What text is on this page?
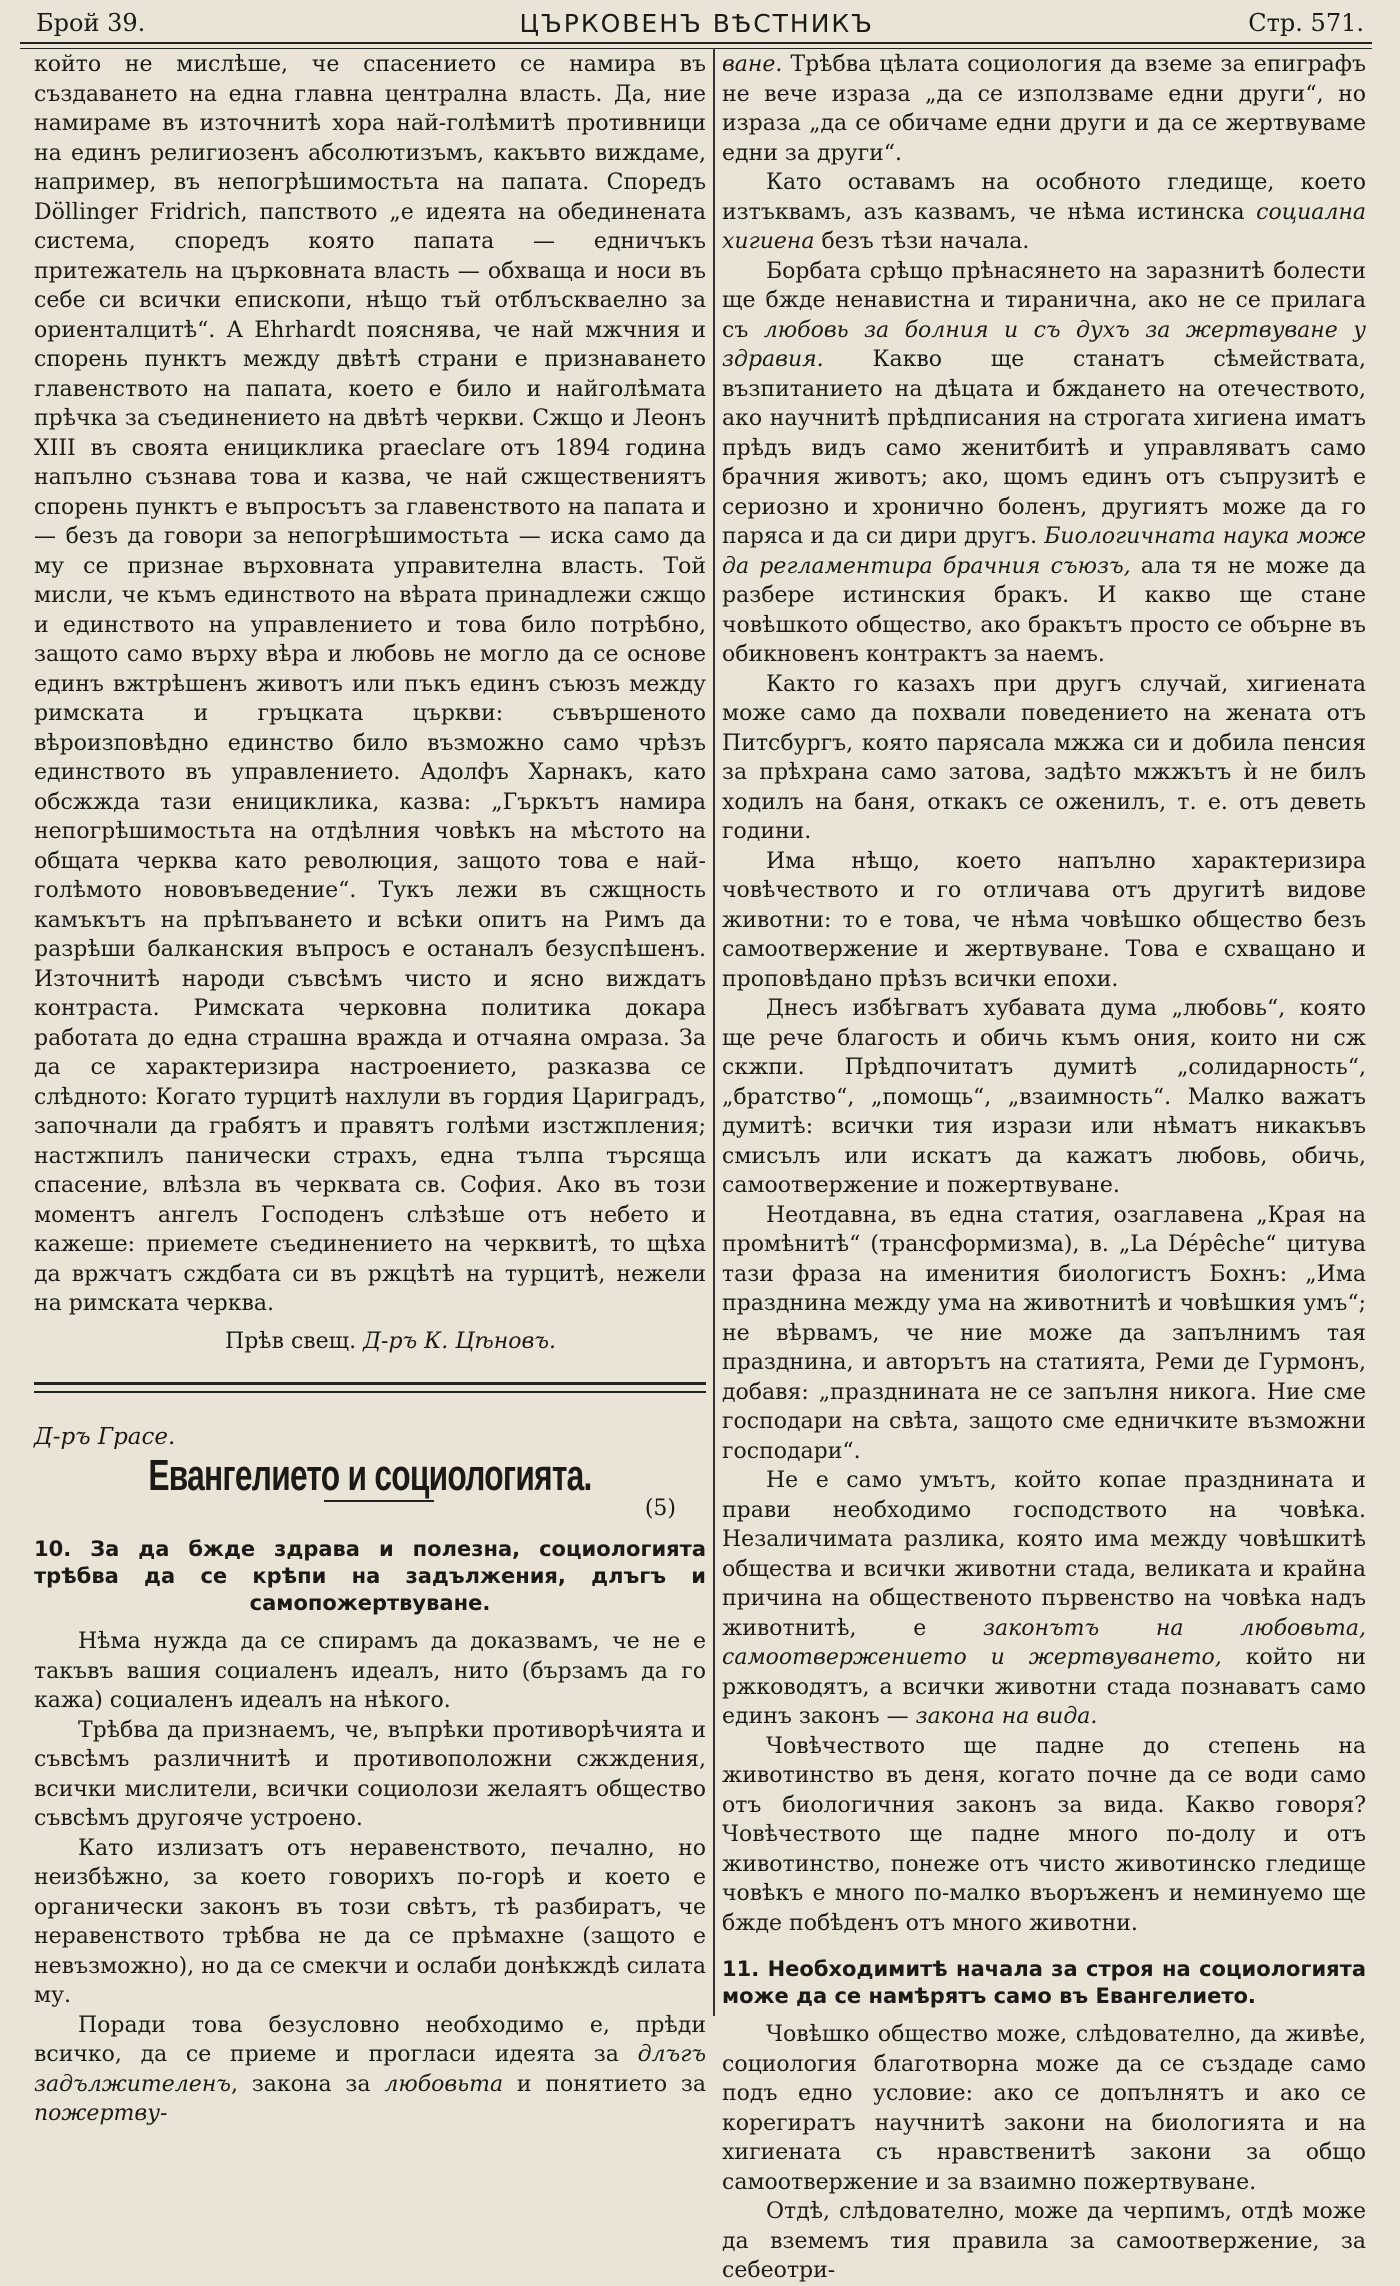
Брой 39.	ЦЪРКОВЕНЪ ВѢСТНИКЪ	Стр. 571.

който не мислѣше, че спасението се намира въ създаването на една главна централна власть. Да, ние намираме въ източнитѣ хора най-голѣмитѣ противници на единъ религиозенъ абсолютизъмъ, какъвто виждаме, например, въ непогрѣшимостьта на папата. Споредъ Döllinger Fridrich, папството „е идеята на обединената система, споредъ която папата — едничъкъ притежатель на църковната власть — обхваща и носи въ себе си всички епископи, нѣщо тъй отблъскваелно за ориенталцитѣ“. А Ehrhardt пояснява, че най мжчния и спорень пунктъ между двѣтѣ страни е признаването главенството на папата, което е било и найголѣмата прѣчка за съединението на двѣтѣ черкви. Сжщо и Леонъ XIII въ своята енициклика praeclare отъ 1894 година напълно съзнава това и казва, че най сжществениятъ спорень пунктъ е въпросътъ за главенството на папата и — безъ да говори за непогрѣшимостьта — иска само да му се признае върховната управителна власть. Той мисли, че къмъ единството на вѣрата принадлежи сжщо и единството на управлението и това било потрѣбно, защото само върху вѣра и любовь не могло да се основе единъ вжтрѣшенъ животъ или пъкъ единъ съюзъ между римската и гръцката църкви: съвършеното вѣроизповѣдно единство било възможно само чрѣзъ единството въ управлението. Адолфъ Харнакъ, като обсжжда тази енициклика, казва: „Гъркътъ намира непогрѣшимостьта на отдѣлния човѣкъ на мѣстото на общата черква като революция, защото това е най-голѣмото нововъведение“. Тукъ лежи въ сжщность камъкътъ на прѣпъването и всѣки опитъ на Римъ да разрѣши балканския въпросъ е останалъ безуспѣшенъ. Източнитѣ народи съвсѣмъ чисто и ясно виждатъ контраста. Римската черковна политика докара работата до една страшна вражда и отчаяна омраза. За да се характеризира настроението, разказва се слѣдното: Когато турцитѣ нахлули въ гордия Цариградъ, започнали да грабятъ и правятъ голѣми изстжпления; настжпилъ панически страхъ, една тълпа търсяща спасение, влѣзла въ черквата св. София. Ако въ този моментъ ангелъ Господенъ слѣзѣше отъ небето и кажеше: приемете съединението на черквитѣ, то щѣха да вржчатъ сждбата си въ ржцѣтѣ на турцитѣ, нежели на римската черква.

Прѣв свещ. Д-ръ К. Цѣновъ.
Д-ръ Грасе.
Евангелието и социологията.
(5)
10. За да бжде здрава и полезна, социологията трѣбва да се крѣпи на задължения, длъгъ и самопожертвуване.

Нѣма нужда да се спирамъ да доказвамъ, че не е такъвъ вашия социаленъ идеалъ, нито (бързамъ да го кажа) социаленъ идеалъ на нѣкого.

Трѣбва да признаемъ, че, въпрѣки противорѣчията и съвсѣмъ различнитѣ и противоположни сжждения, всички мислители, всички социолози желаятъ общество съвсѣмъ другояче устроено.

Като излизатъ отъ неравенството, печално, но неизбѣжно, за което говорихъ по-горѣ и което е органически законъ въ този свѣтъ, тѣ разбиратъ, че неравенството трѣбва не да се прѣмахне (защото е невъзможно), но да се смекчи и ослаби донѣкждѣ силата му.

Поради това безусловно необходимо е, прѣди всичко, да се приеме и прогласи идеята за длъгъ задължителенъ, закона за любовьта и понятието за пожертву-

ване. Трѣбва цѣлата социология да вземе за епиграфъ не вече израза „да се използваме едни други“, но израза „да се обичаме едни други и да се жертвуваме едни за други“.

Като оставамъ на особното гледище, което изтъквамъ, азъ казвамъ, че нѣма истинска социална хигиена безъ тѣзи начала.

Борбата срѣщо прѣнасянето на заразнитѣ болести ще бжде ненавистна и тиранична, ако не се прилага съ любовь за болния и съ духъ за жертвуване у здравия. Какво ще станатъ сѣмействата, възпитанието на дѣцата и бждането на отечеството, ако научнитѣ прѣдписания на строгата хигиена иматъ прѣдъ видъ само женитбитѣ и управляватъ само брачния животъ; ако, щомъ единъ отъ съпрузитѣ е сериозно и хронично боленъ, другиятъ може да го парясa и да си дири другъ. Биологичната наука може да регламентира брачния съюзъ, ала тя не може да разбере истинския бракъ. И какво ще стане човѣшкото общество, ако бракътъ просто се обърне въ обикновенъ контрактъ за наемъ.

Както го казахъ при другъ случай, хигиената може само да похвали поведението на жената отъ Питсбургъ, която парясала мжжа си и добила пенсия за прѣхрана само затова, задѣто мжжътъ ѝ не билъ ходилъ на баня, откакъ се оженилъ, т. е. отъ деветь години.

Има нѣщо, което напълно характеризира човѣчеството и го отличава отъ другитѣ видове животни: то е това, че нѣма човѣшко общество безъ самоотвержение и жертвуване. Това е схващано и проповѣдано прѣзъ всички епохи.

Днесъ избѣгватъ хубавата дума „любовь“, която ще рече благость и обичь къмъ ония, които ни сж скжпи. Прѣдпочитатъ думитѣ „солидарность“, „братство“, „помощь“, „взаимность“. Малко важатъ думитѣ: всички тия изрази или нѣматъ никакъвъ смисълъ или искатъ да кажатъ любовь, обичь, самоотвержение и пожертвуване.

Неотдавна, въ една статия, озаглавена „Края на промѣнитѣ“ (трансформизма), в. „La Dépêche“ цитува тази фраза на именития биологистъ Бохнъ: „Има празднина между ума на животнитѣ и човѣшкия умъ“; не вѣрвамъ, че ние може да запълнимъ тая празднина, и авторътъ на статията, Реми де Гурмонъ, добавя: „празднината не се запълня никога. Ние сме господари на свѣта, защото сме едничките възможни господари“.

Не е само умътъ, който копае празднината и прави необходимо господството на човѣка. Незаличимата разлика, която има между човѣшкитѣ общества и всички животни стада, великата и крайна причина на общественото първенство на човѣка надъ животнитѣ, е законътъ на любовьта, самоотвержението и жертвуването, който ни ржководятъ, а всички животни стада познаватъ само единъ законъ — закона на вида.

Човѣчеството ще падне до степень на животинство въ деня, когато почне да се води само отъ биологичния законъ за вида. Какво говоря? Човѣчеството ще падне много по-долу и отъ животинство, понеже отъ чисто животинско гледище човѣкъ е много по-малко въоръженъ и неминуемо ще бжде побѣденъ отъ много животни.

11. Необходимитѣ начала за строя на социологията може да се намѣрятъ само въ Евангелието.

Човѣшко общество може, слѣдователно, да живѣе, социология благотворна може да се създаде само подъ едно условие: ако се допълнятъ и ако се корегиратъ научнитѣ закони на биологията и на хигиената съ нравственитѣ закони за общо самоотвержение и за взаимно пожертвуване.

Отдѣ, слѣдователно, може да черпимъ, отдѣ може да вземемъ тия правила за самоотвержение, за себеотри-
